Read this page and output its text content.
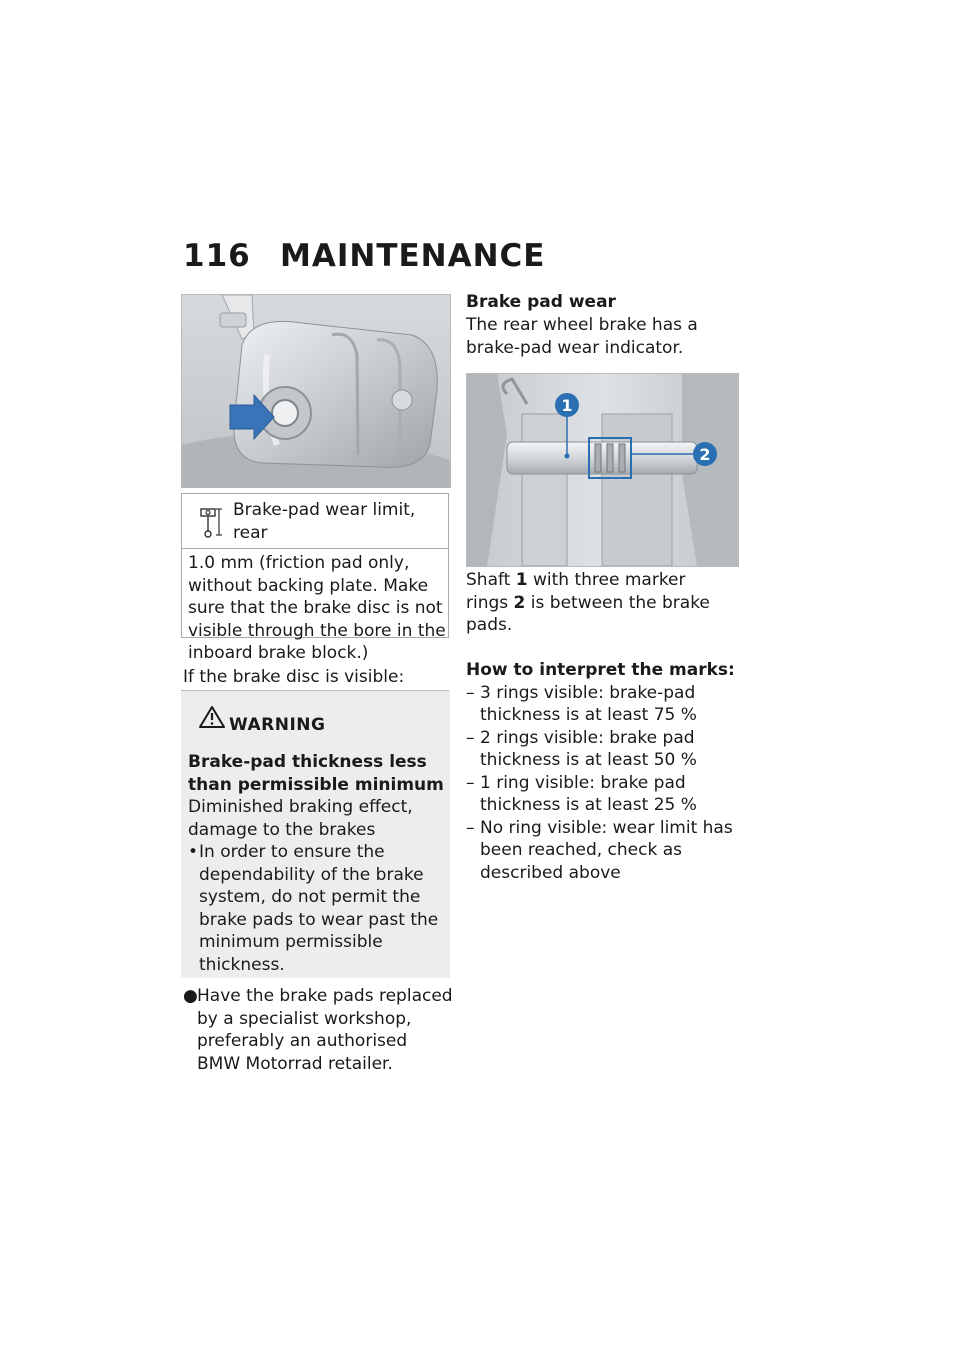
116 MAINTENANCE
Brake-pad wear limit, rear
1.0 mm (friction pad only, without backing plate. Make sure that the brake disc is not visible through the bore in the inboard brake block.)
If the brake disc is visible:
WARNING
Brake-pad thickness less than permissible minimum
Diminished braking effect, damage to the brakes
• In order to ensure the dependability of the brake system, do not permit the brake pads to wear past the minimum permissible thickness.
● Have the brake pads replaced by a specialist workshop, preferably an authorised BMW Motorrad retailer.
Brake pad wear
The rear wheel brake has a brake-pad wear indicator.
1
2
Shaft 1 with three marker rings 2 is between the brake pads.
How to interpret the marks:
– 3 rings visible: brake-pad thickness is at least 75 %
– 2 rings visible: brake pad thickness is at least 50 %
– 1 ring visible: brake pad thickness is at least 25 %
– No ring visible: wear limit has been reached, check as described above
